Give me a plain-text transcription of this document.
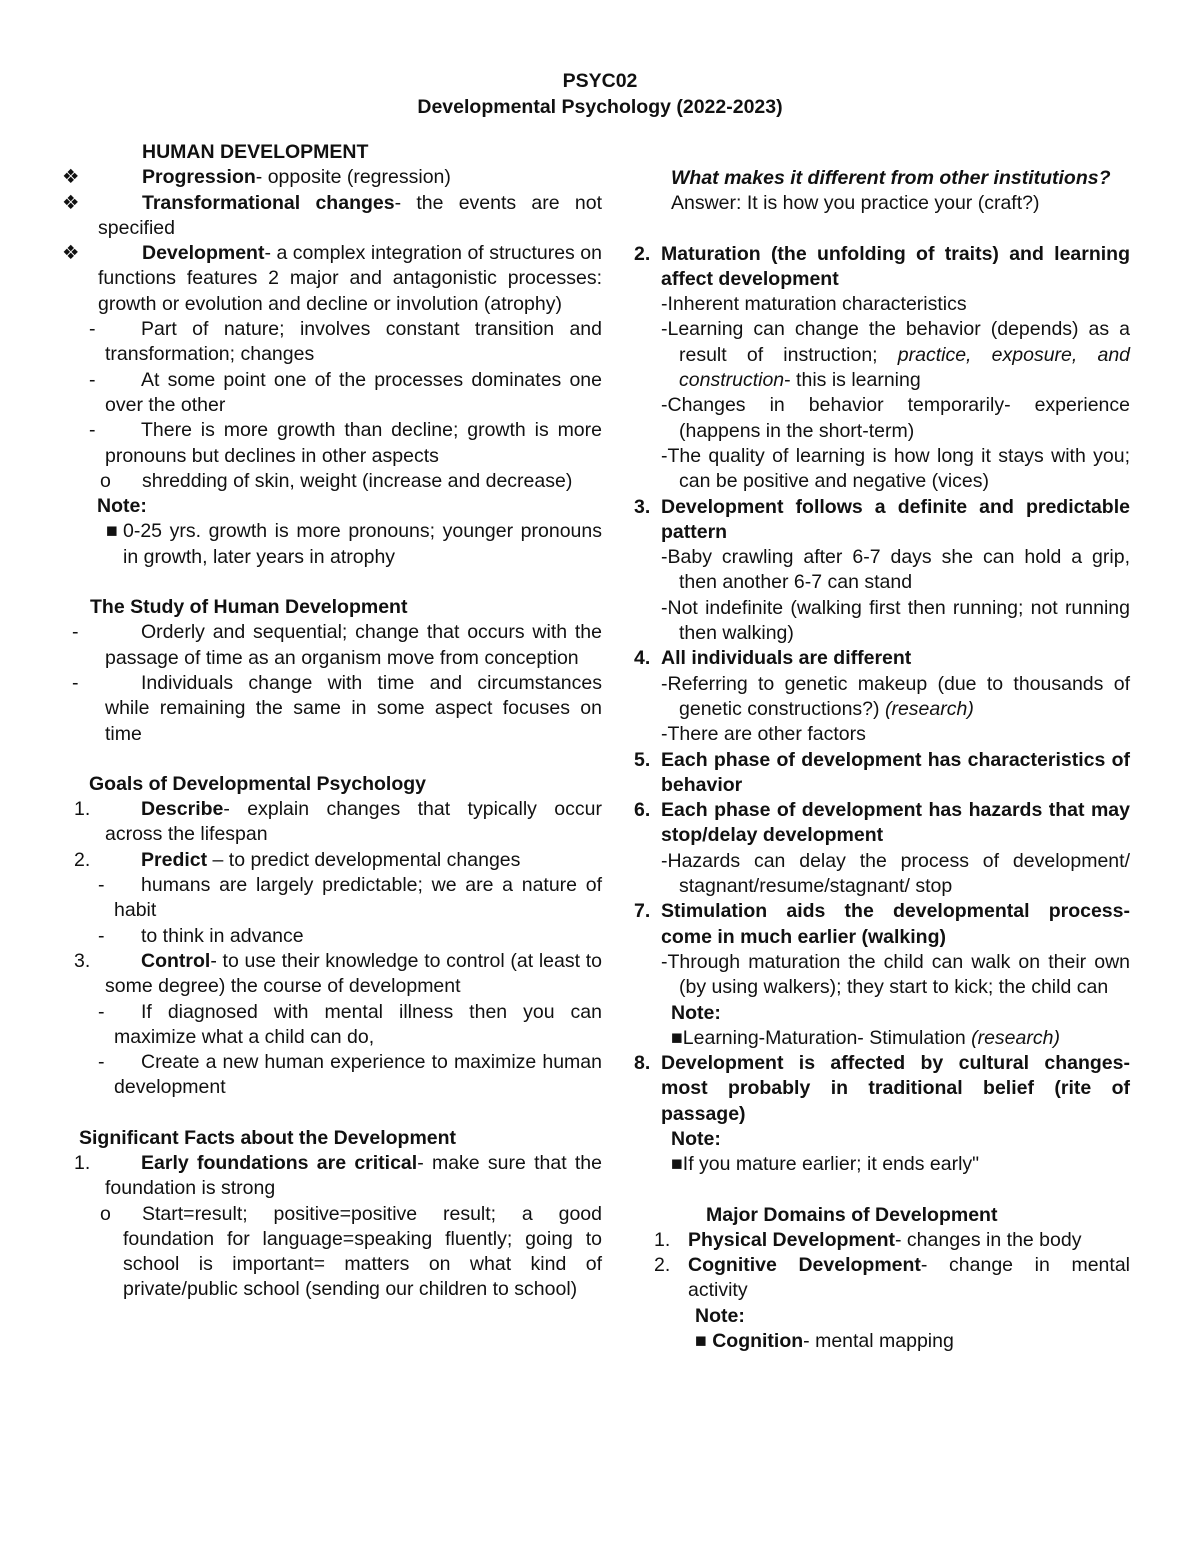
PSYC02
Developmental Psychology (2022-2023)
HUMAN DEVELOPMENT
❖	Progression- opposite (regression)
❖	Transformational changes- the events are not specified
❖	Development- a complex integration of structures on functions features 2 major and antagonistic processes: growth or evolution and decline or involution (atrophy)
- Part of nature; involves constant transition and transformation; changes
- At some point one of the processes dominates one over the other
- There is more growth than decline; growth is more pronouns but declines in other aspects
o shredding of skin, weight (increase and decrease)
Note:
■ 0-25 yrs. growth is more pronouns; younger pronouns in growth, later years in atrophy
The Study of Human Development
-	Orderly and sequential; change that occurs with the passage of time as an organism move from conception
-	Individuals change with time and circumstances while remaining the same in some aspect focuses on time
Goals of Developmental Psychology
1.	Describe- explain changes that typically occur across the lifespan
2.	Predict – to predict developmental changes
- humans are largely predictable; we are a nature of habit
- to think in advance
3.	Control- to use their knowledge to control (at least to some degree) the course of development
- If diagnosed with mental illness then you can maximize what a child can do,
- Create a new human experience to maximize human development
Significant Facts about the Development
1.	Early foundations are critical- make sure that the foundation is strong
o Start=result; positive=positive result; a good foundation for language=speaking fluently; going to school is important= matters on what kind of private/public school (sending our children to school)
What makes it different from other institutions?
Answer: It is how you practice your (craft?)
2. Maturation (the unfolding of traits) and learning affect development
-Inherent maturation characteristics
-Learning can change the behavior (depends) as a result of instruction; practice, exposure, and construction- this is learning
-Changes in behavior temporarily- experience (happens in the short-term)
-The quality of learning is how long it stays with you; can be positive and negative (vices)
3. Development follows a definite and predictable pattern
-Baby crawling after 6-7 days she can hold a grip, then another 6-7 can stand
-Not indefinite (walking first then running; not running then walking)
4. All individuals are different
-Referring to genetic makeup (due to thousands of genetic constructions?) (research)
-There are other factors
5. Each phase of development has characteristics of behavior
6. Each phase of development has hazards that may stop/delay development
-Hazards can delay the process of development/ stagnant/resume/stagnant/ stop
7. Stimulation aids the developmental process- come in much earlier (walking)
-Through maturation the child can walk on their own (by using walkers); they start to kick; the child can
Note:
■Learning-Maturation- Stimulation (research)
8. Development is affected by cultural changes- most probably in traditional belief (rite of passage)
Note:
■If you mature earlier; it ends early"
Major Domains of Development
1. Physical Development- changes in the body
2. Cognitive Development- change in mental activity
Note:
■ Cognition- mental mapping
